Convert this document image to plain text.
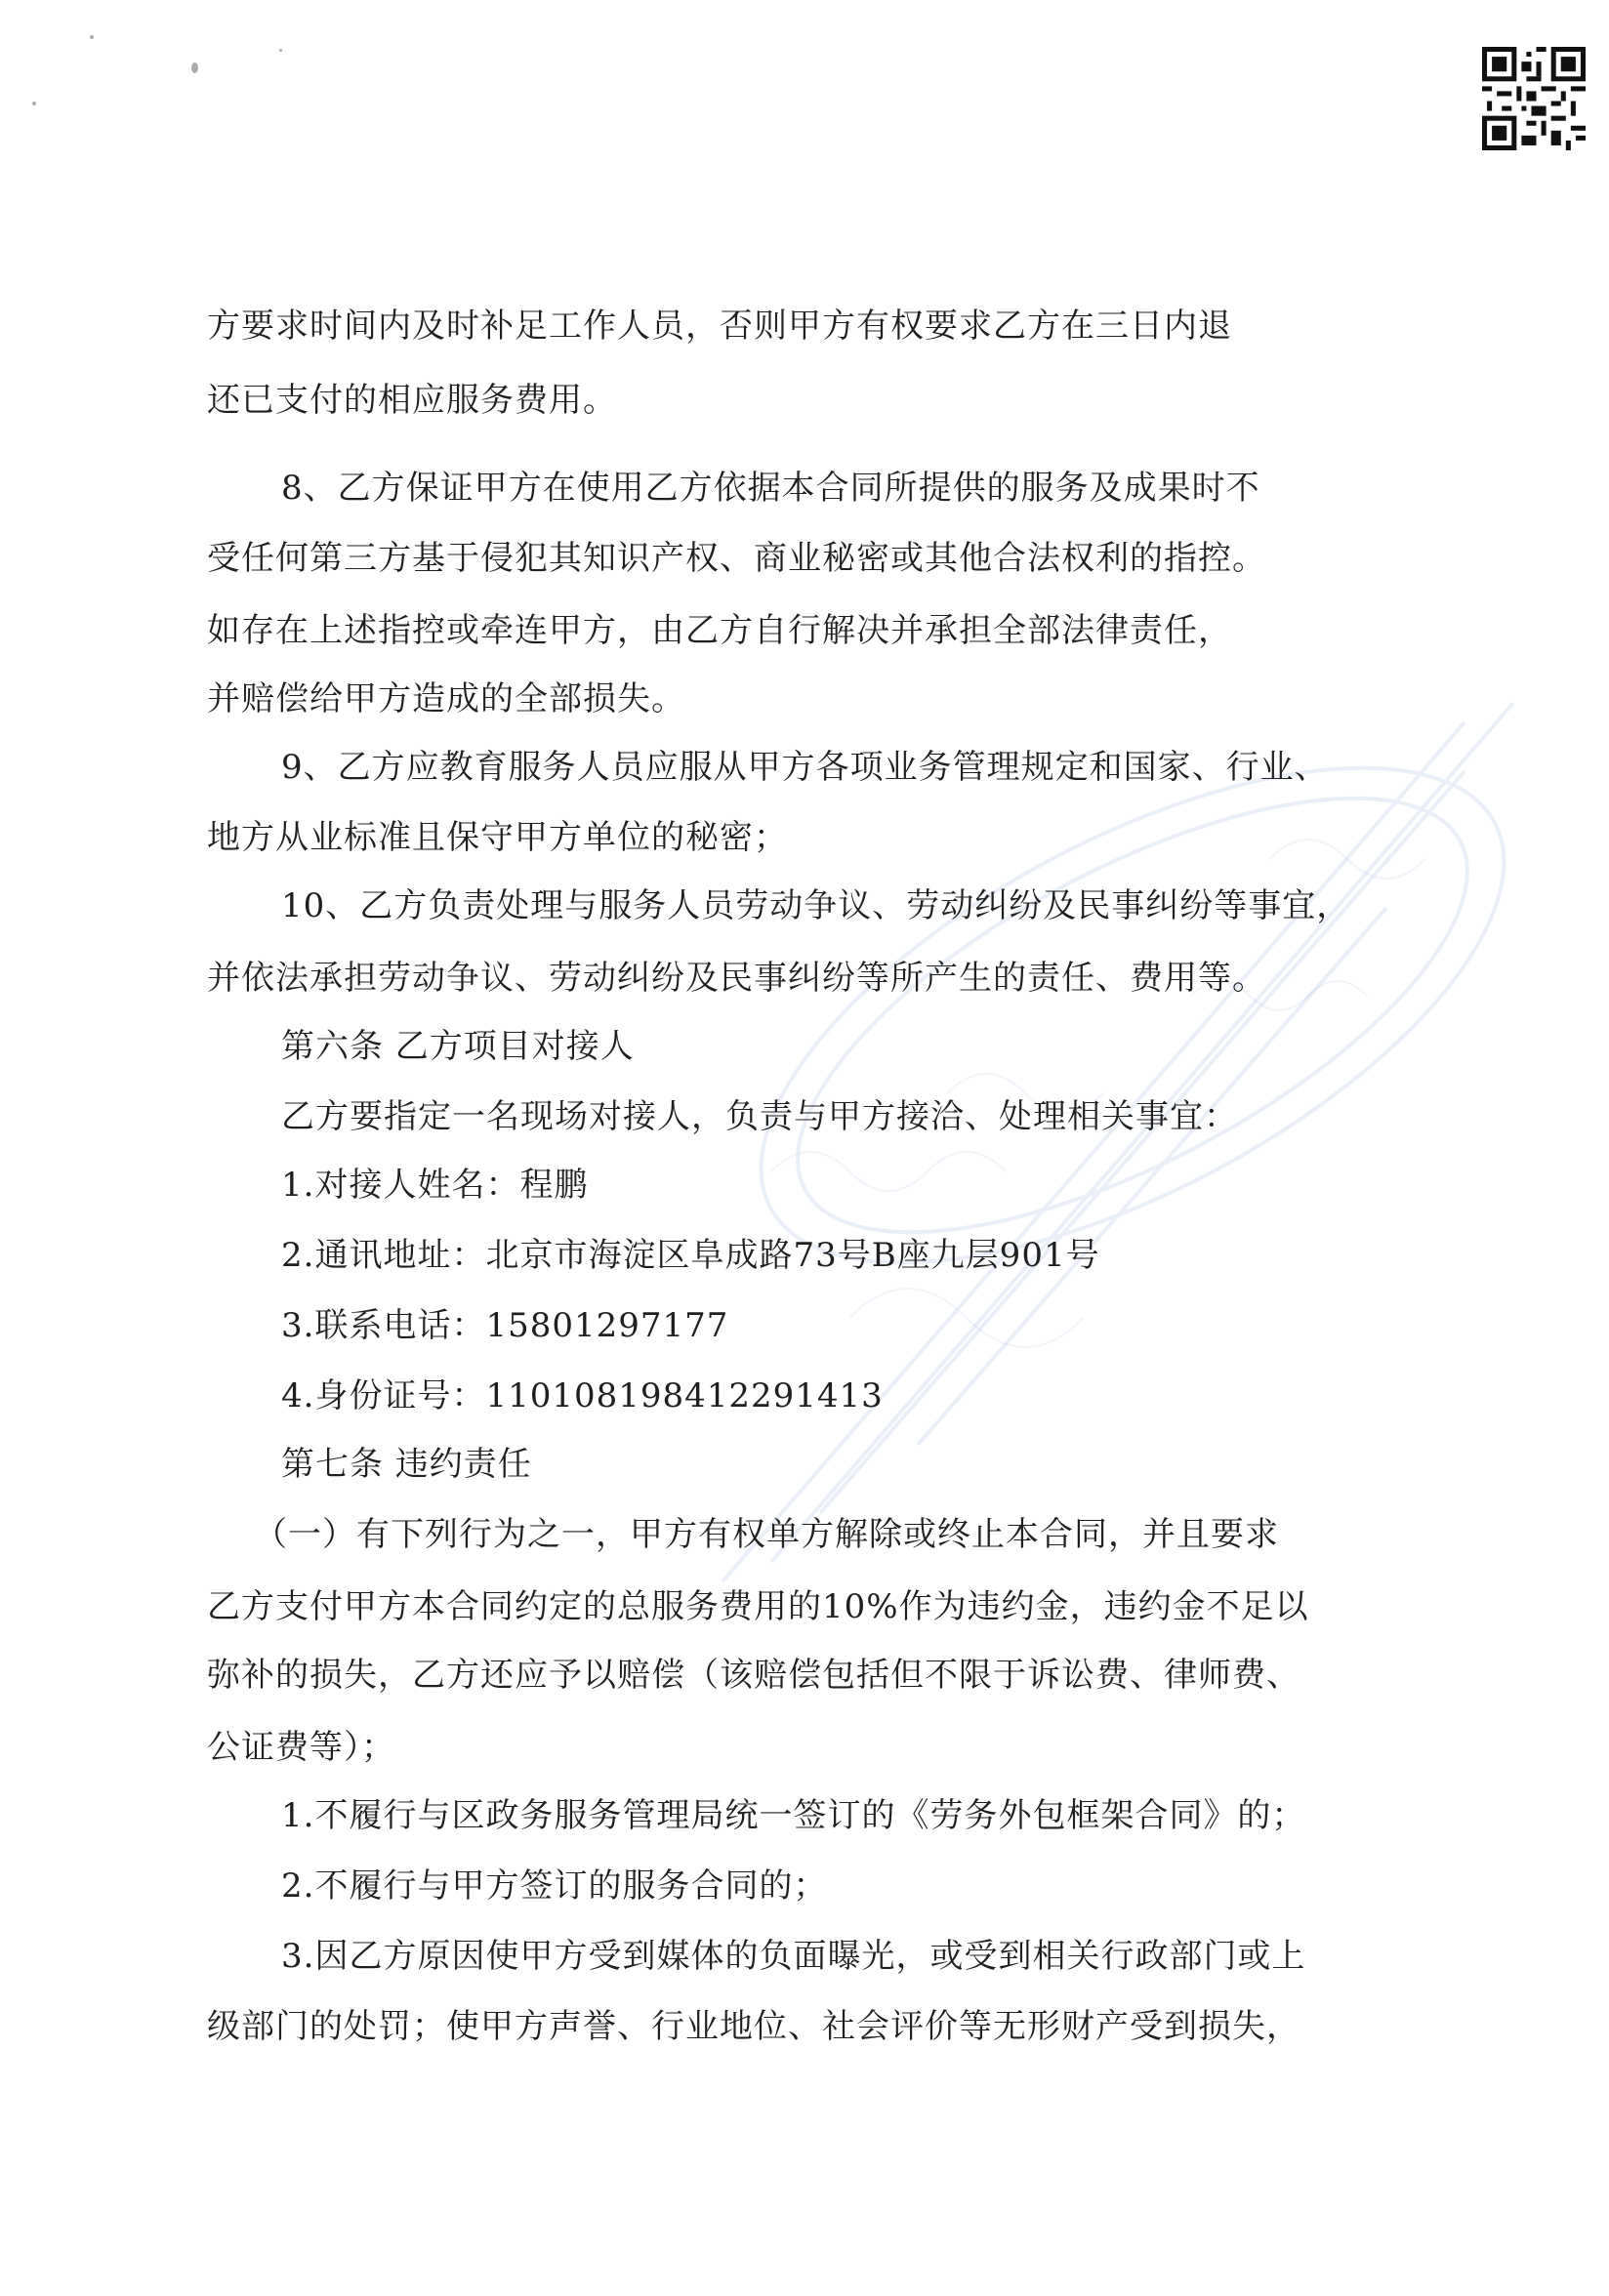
方要求时间内及时补足工作人员，否则甲方有权要求乙方在三日内退
还已支付的相应服务费用。
8、乙方保证甲方在使用乙方依据本合同所提供的服务及成果时不
受任何第三方基于侵犯其知识产权、商业秘密或其他合法权利的指控。
如存在上述指控或牵连甲方，由乙方自行解决并承担全部法律责任，
并赔偿给甲方造成的全部损失。
9、乙方应教育服务人员应服从甲方各项业务管理规定和国家、行业、
地方从业标准且保守甲方单位的秘密；
10、乙方负责处理与服务人员劳动争议、劳动纠纷及民事纠纷等事宜，
并依法承担劳动争议、劳动纠纷及民事纠纷等所产生的责任、费用等。
第六条 乙方项目对接人
乙方要指定一名现场对接人，负责与甲方接洽、处理相关事宜：
1.对接人姓名：程鹏
2.通讯地址：北京市海淀区阜成路73号B座九层901号
3.联系电话：15801297177
4.身份证号：110108198412291413
第七条 违约责任
（一）有下列行为之一，甲方有权单方解除或终止本合同，并且要求
乙方支付甲方本合同约定的总服务费用的10%作为违约金，违约金不足以
弥补的损失，乙方还应予以赔偿（该赔偿包括但不限于诉讼费、律师费、
公证费等）；
1.不履行与区政务服务管理局统一签订的《劳务外包框架合同》的；
2.不履行与甲方签订的服务合同的；
3.因乙方原因使甲方受到媒体的负面曝光，或受到相关行政部门或上
级部门的处罚；使甲方声誉、行业地位、社会评价等无形财产受到损失，
